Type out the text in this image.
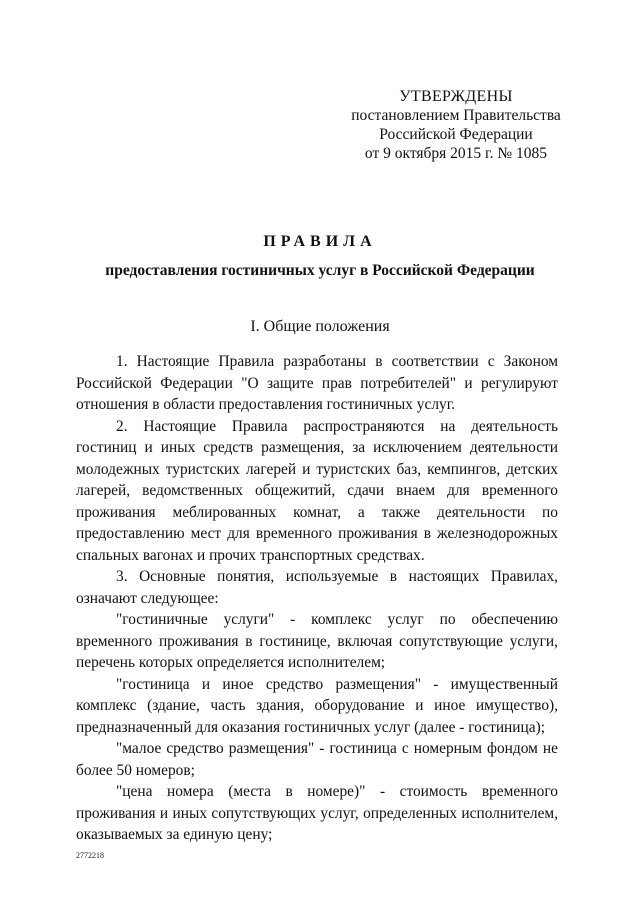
УТВЕРЖДЕНЫ
постановлением Правительства
Российской Федерации
от 9 октября 2015 г. № 1085
ПРАВИЛА
предоставления гостиничных услуг в Российской Федерации
I. Общие положения

1. Настоящие Правила разработаны в соответствии с Законом Российской Федерации "О защите прав потребителей" и регулируют отношения в области предоставления гостиничных услуг.

2. Настоящие Правила распространяются на деятельность гостиниц и иных средств размещения, за исключением деятельности молодежных туристских лагерей и туристских баз, кемпингов, детских лагерей, ведомственных общежитий, сдачи внаем для временного проживания меблированных комнат, а также деятельности по предоставлению мест для временного проживания в железнодорожных спальных вагонах и прочих транспортных средствах.

3. Основные понятия, используемые в настоящих Правилах, означают следующее:

"гостиничные услуги" - комплекс услуг по обеспечению временного проживания в гостинице, включая сопутствующие услуги, перечень которых определяется исполнителем;

"гостиница и иное средство размещения" - имущественный комплекс (здание, часть здания, оборудование и иное имущество), предназначенный для оказания гостиничных услуг (далее - гостиница);

"малое средство размещения" - гостиница с номерным фондом не более 50 номеров;

"цена номера (места в номере)" - стоимость временного проживания и иных сопутствующих услуг, определенных исполнителем, оказываемых за единую цену;

2772218
